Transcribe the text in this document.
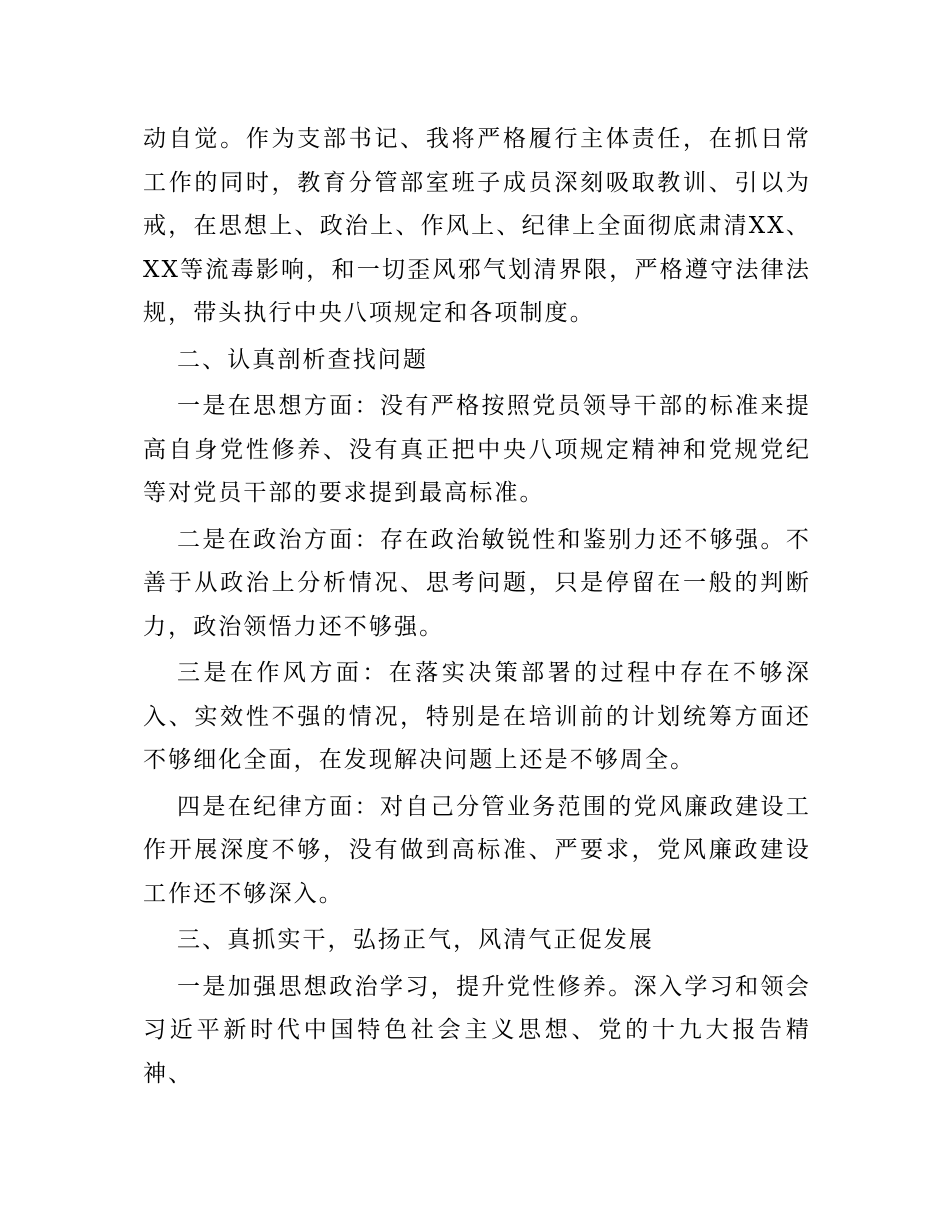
动自觉。作为支部书记、我将严格履行主体责任，在抓日常工作的同时，教育分管部室班子成员深刻吸取教训、引以为戒，在思想上、政治上、作风上、纪律上全面彻底肃清XX、XX等流毒影响，和一切歪风邪气划清界限，严格遵守法律法规，带头执行中央八项规定和各项制度。

二、认真剖析查找问题

一是在思想方面：没有严格按照党员领导干部的标准来提高自身党性修养、没有真正把中央八项规定精神和党规党纪等对党员干部的要求提到最高标准。

二是在政治方面：存在政治敏锐性和鉴别力还不够强。不善于从政治上分析情况、思考问题，只是停留在一般的判断力，政治领悟力还不够强。

三是在作风方面：在落实决策部署的过程中存在不够深入、实效性不强的情况，特别是在培训前的计划统筹方面还不够细化全面，在发现解决问题上还是不够周全。

四是在纪律方面：对自己分管业务范围的党风廉政建设工作开展深度不够，没有做到高标准、严要求，党风廉政建设工作还不够深入。

三、真抓实干，弘扬正气，风清气正促发展

一是加强思想政治学习，提升党性修养。深入学习和领会习近平新时代中国特色社会主义思想、党的十九大报告精神、
